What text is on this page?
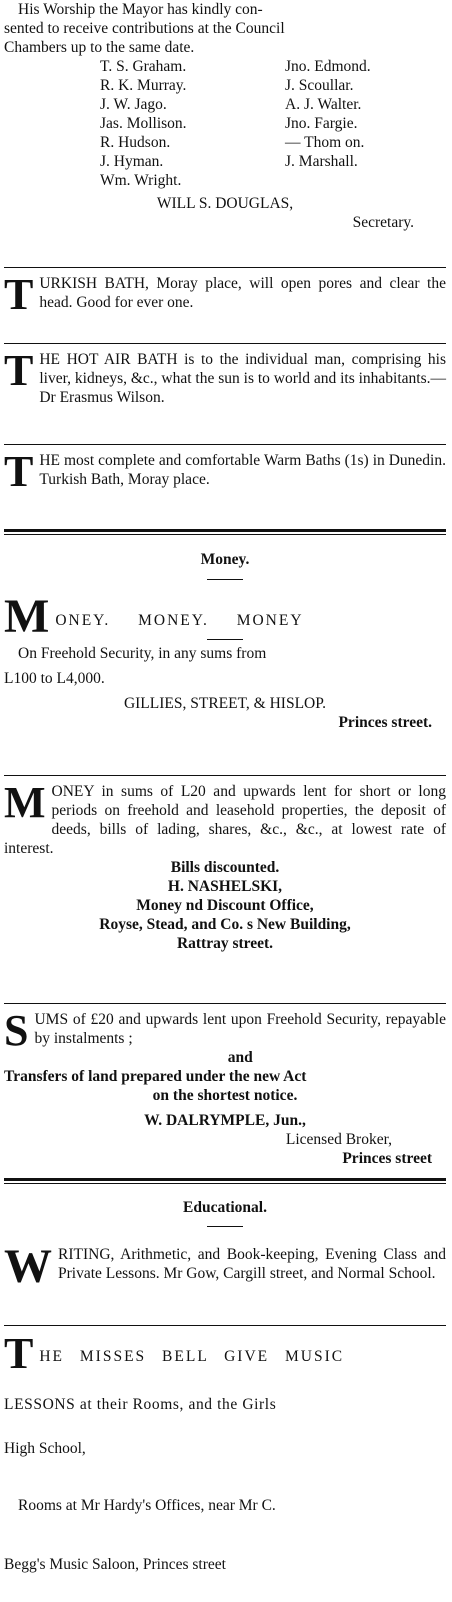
His Worship the Mayor has kindly con-
sented to receive contributions at the Council
Chambers up to the same date.
T. S. Graham.	Jno. Edmond.
R. K. Murray.	J. Scoullar.
J. W. Jago.	A. J. Walter.
Jas. Mollison.	Jno. Fargie.
R. Hudson.	— Thom on.
J. Hyman.	J. Marshall.
Wm. Wright.
WILL S. DOUGLAS,
Secretary.
T URKISH BATH, Moray place, will open pores and clear the head. Good for ever one.
T HE HOT AIR BATH is to the individual man, comprising his liver, kidneys, &c., what the sun is to world and its inhabitants.—Dr Erasmus Wilson.
T HE most complete and comfortable Warm Baths (1s) in Dunedin. Turkish Bath, Moray place.
Money.
M ONEY. MONEY. MONEY
On Freehold Security, in any sums from
L100 to L4,000.
GILLIES, STREET, & HISLOP.
Princes street.
M ONEY in sums of L20 and upwards lent for short or long periods on freehold and leasehold properties, the deposit of deeds, bills of lading, shares, &c., &c., at lowest rate of interest.
Bills discounted.
H. NASHELSKI,
Money nd Discount Office,
Royse, Stead, and Co. s New Building,
Rattray street.
S UMS of £20 and upwards lent upon Freehold Security, repayable by instalments ;
and
Transfers of land prepared under the new Act
on the shortest notice.
W. DALRYMPLE, Jun.,
Licensed Broker,
Princes street
Educational.
W RITING, Arithmetic, and Book-keeping, Evening Class and Private Lessons. Mr Gow, Cargill street, and Normal School.
T HE MISSES BELL GIVE MUSIC
LESSONS at their Rooms, and the Girls
High School,
Rooms at Mr Hardy's Offices, near Mr C.
Begg's Music Saloon, Princes street
